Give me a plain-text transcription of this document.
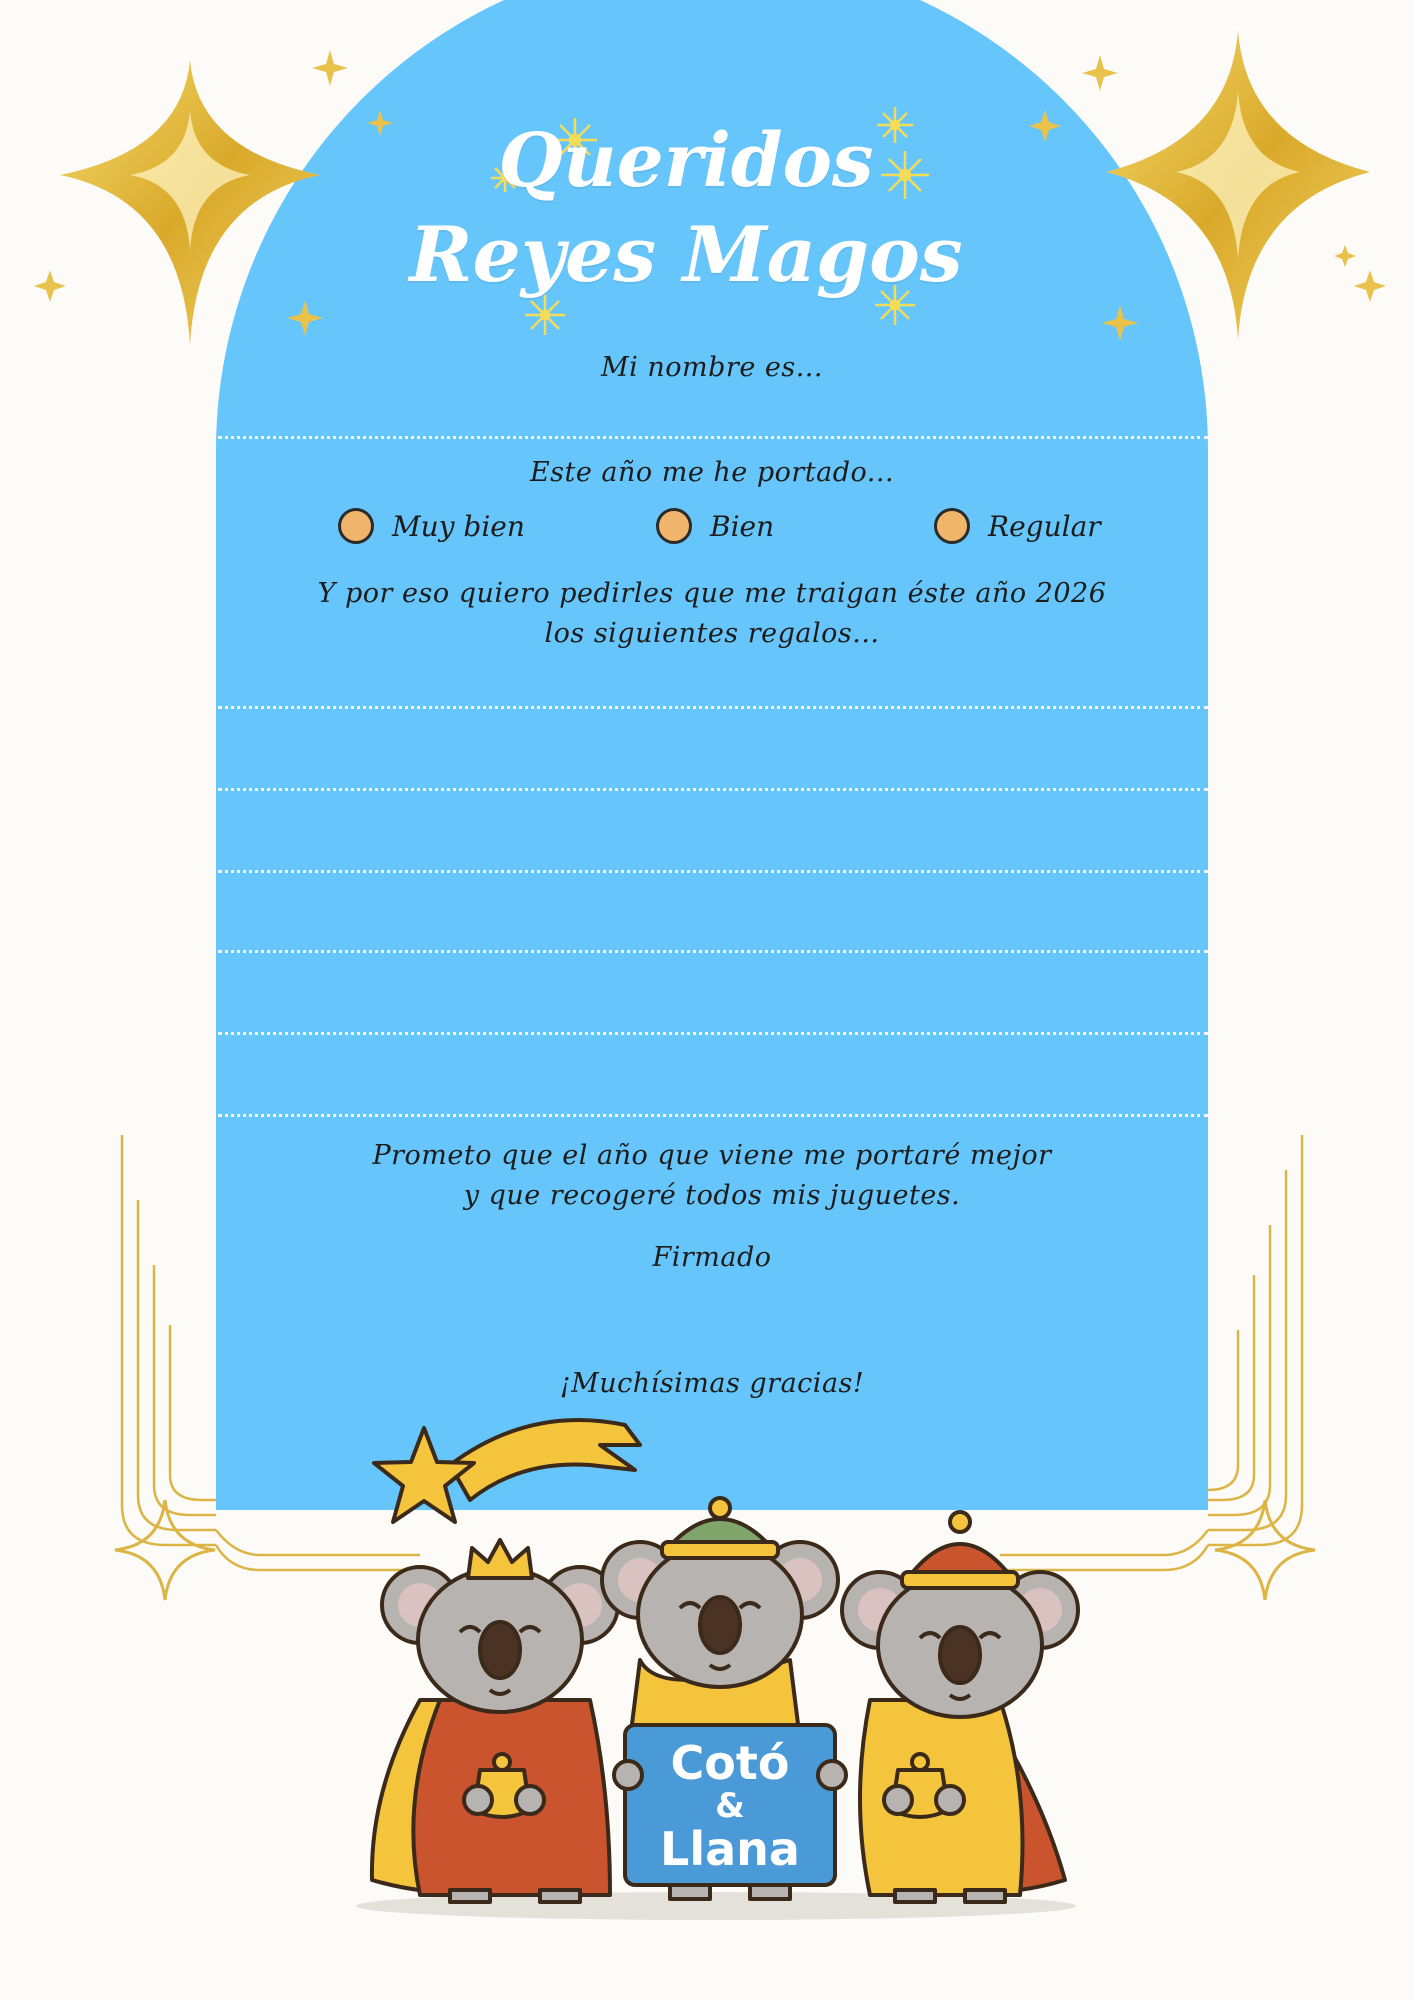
Queridos
Reyes Magos
Mi nombre es...
Este año me he portado...
Muy bien	Bien	Regular
Y por eso quiero pedirles que me traigan éste año 2026
los siguientes regalos...
Prometo que el año que viene me portaré mejor
y que recogeré todos mis juguetes.
Firmado
¡Muchísimas gracias!
Cotó
&
Llana
